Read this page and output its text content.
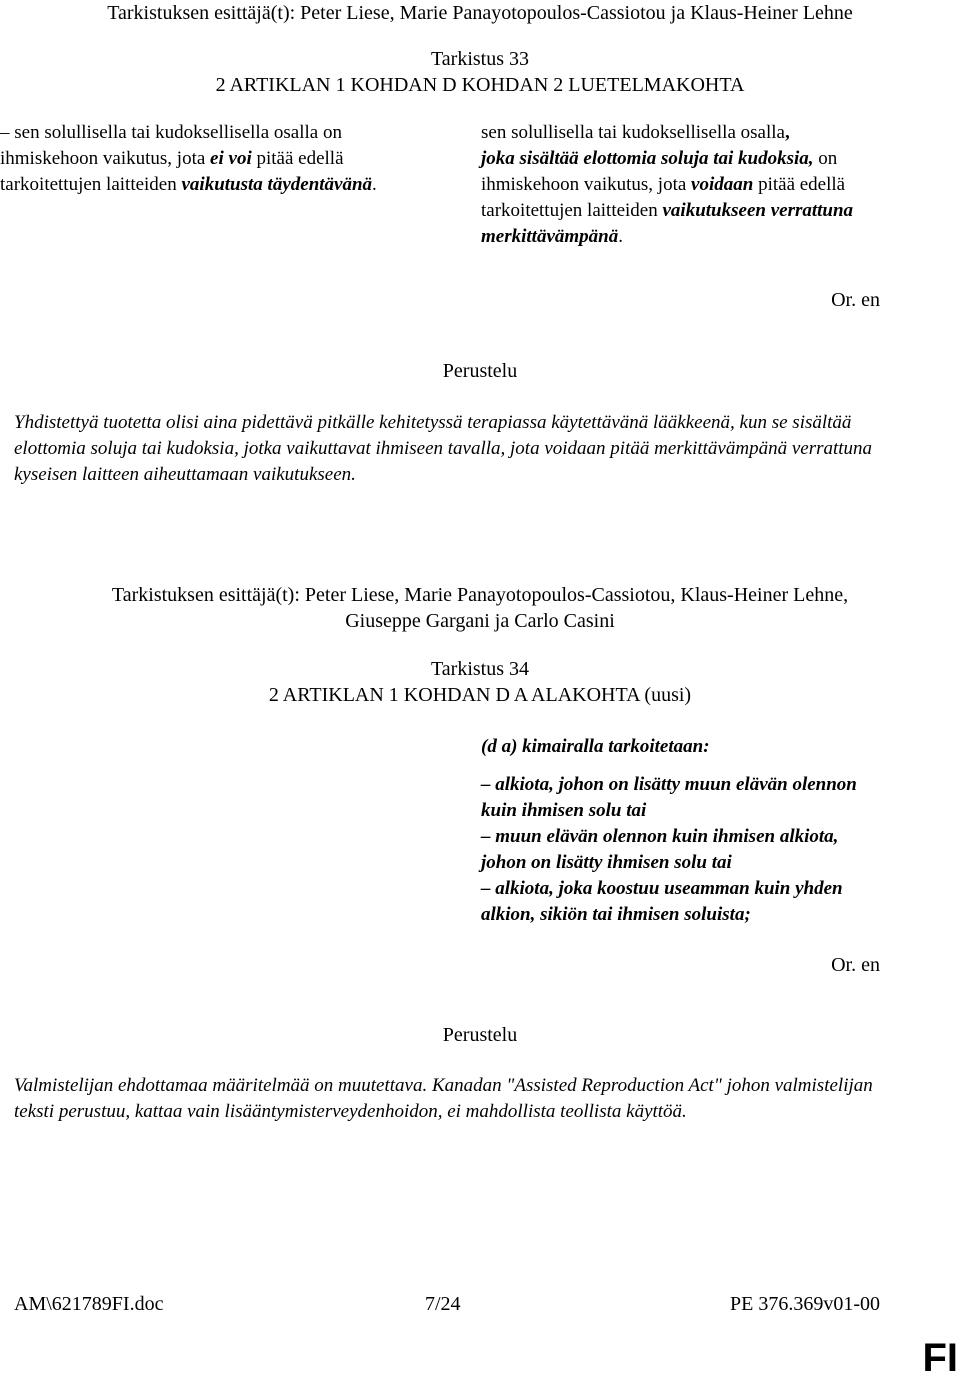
Tarkistuksen esittäjä(t): Peter Liese, Marie Panayotopoulos-Cassiotou ja Klaus-Heiner Lehne
Tarkistus 33
2 ARTIKLAN 1 KOHDAN D KOHDAN 2 LUETELMAKOHTA
– sen solullisella tai kudoksellisella osalla on ihmiskehoon vaikutus, jota ei voi pitää edellä tarkoitettujen laitteiden vaikutusta täydentävänä.
sen solullisella tai kudoksellisella osalla,
joka sisältää elottomia soluja tai kudoksia, on ihmiskehoon vaikutus, jota voidaan pitää edellä tarkoitettujen laitteiden vaikutukseen verrattuna merkittävämpänä.
Or. en
Perustelu
Yhdistettyä tuotetta olisi aina pidettävä pitkälle kehitetyssä terapiassa käytettävänä lääkkeenä, kun se sisältää elottomia soluja tai kudoksia, jotka vaikuttavat ihmiseen tavalla, jota voidaan pitää merkittävämpänä verrattuna kyseisen laitteen aiheuttamaan vaikutukseen.
Tarkistuksen esittäjä(t): Peter Liese, Marie Panayotopoulos-Cassiotou, Klaus-Heiner Lehne,
Giuseppe Gargani ja Carlo Casini
Tarkistus 34
2 ARTIKLAN 1 KOHDAN D A ALAKOHTA (uusi)
(d a) kimairalla tarkoitetaan:
– alkiota, johon on lisätty muun elävän olennon kuin ihmisen solu tai
– muun elävän olennon kuin ihmisen alkiota, johon on lisätty ihmisen solu tai
– alkiota, joka koostuu useamman kuin yhden alkion, sikiön tai ihmisen soluista;
Or. en
Perustelu
Valmistelijan ehdottamaa määritelmää on muutettava. Kanadan "Assisted Reproduction Act" johon valmistelijan teksti perustuu, kattaa vain lisääntymisterveydenhoidon, ei mahdollista teollista käyttöä.
AM\621789FI.doc	7/24	PE 376.369v01-00
FI
